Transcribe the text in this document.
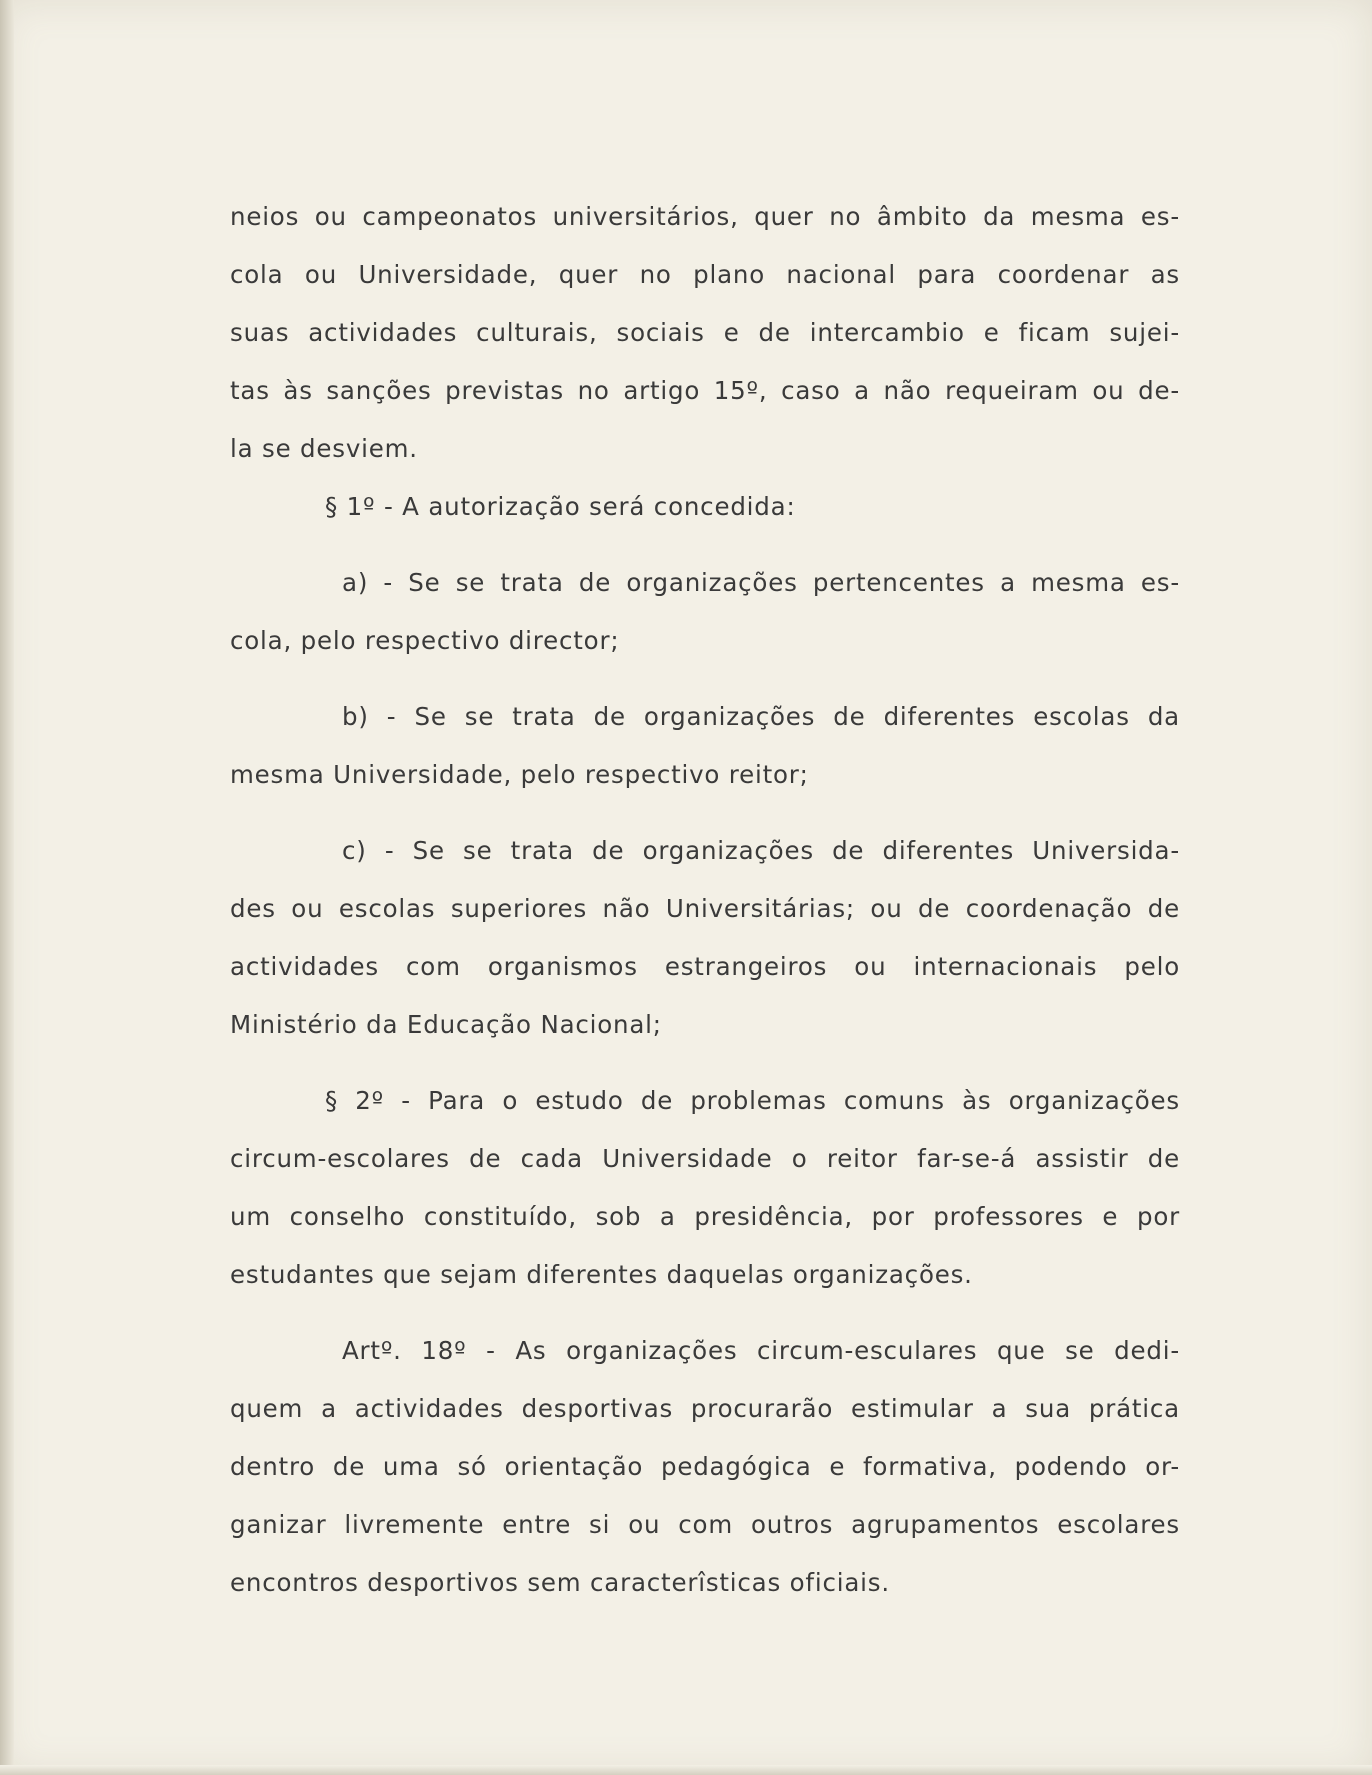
neios ou campeonatos universitários, quer no âmbito da mesma es-
cola ou Universidade, quer no plano nacional para coordenar as
suas actividades culturais, sociais e de intercambio e ficam sujei-
tas às sanções previstas no artigo 15º, caso a não requeiram ou de-
la se desviem.
§ 1º - A autorização será concedida:
a) - Se se trata de organizações pertencentes a mesma es-
cola, pelo respectivo director;
b) - Se se trata de organizações de diferentes escolas da
mesma Universidade, pelo respectivo reitor;
c) - Se se trata de organizações de diferentes Universida-
des ou escolas superiores não Universitárias; ou de coordenação de
actividades com organismos estrangeiros ou internacionais pelo
Ministério da Educação Nacional;
§ 2º - Para o estudo de problemas comuns às organizações
circum-escolares de cada Universidade o reitor far-se-á assistir de
um conselho constituído, sob a presidência, por professores e por
estudantes que sejam diferentes daquelas organizações.
Artº. 18º - As organizações circum-esculares que se dedi-
quem a actividades desportivas procurarão estimular a sua prática
dentro de uma só orientação pedagógica e formativa, podendo or-
ganizar livremente entre si ou com outros agrupamentos escolares
encontros desportivos sem caracterîsticas oficiais.
